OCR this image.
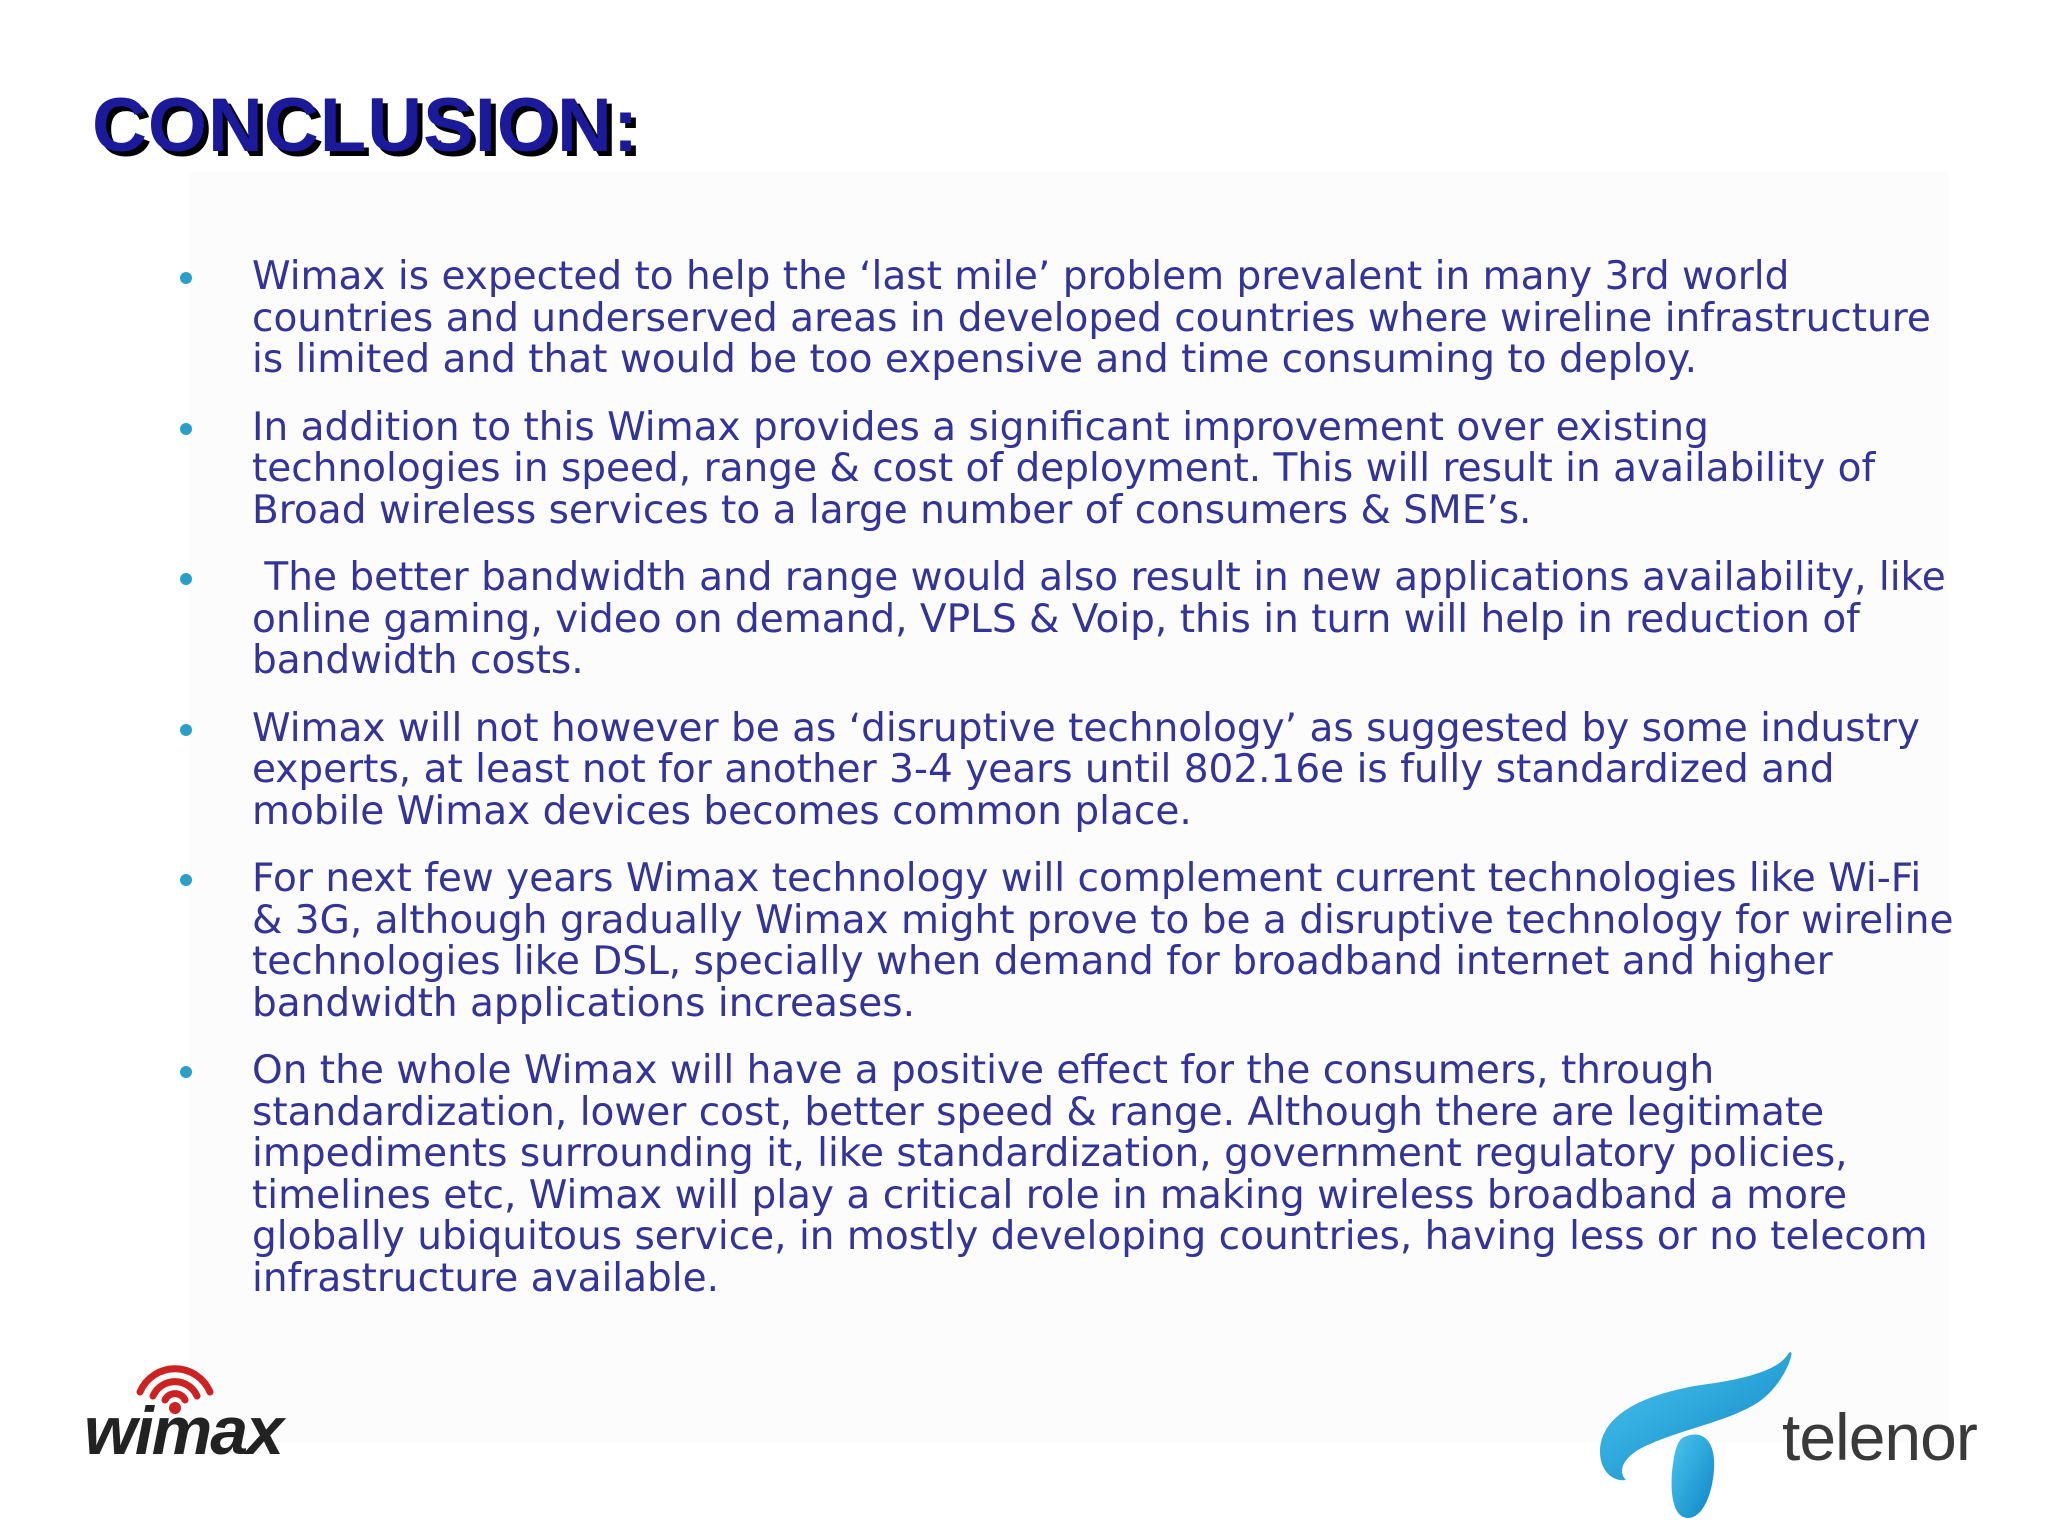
CONCLUSION:
Wimax is expected to help the ‘last mile’ problem prevalent in many 3rd world countries and underserved areas in developed countries where wireline infrastructure is limited and that would be too expensive and time consuming to deploy.
In addition to this Wimax provides a significant improvement over existing technologies in speed, range & cost of deployment. This will result in availability of Broad wireless services to a large number of consumers & SME’s.
The better bandwidth and range would also result in new applications availability, like online gaming, video on demand, VPLS & Voip, this in turn will help in reduction of bandwidth costs.
Wimax will not however be as ‘disruptive technology’ as suggested by some industry experts, at least not for another 3-4 years until 802.16e is fully standardized and mobile Wimax devices becomes common place.
For next few years Wimax technology will complement current technologies like Wi-Fi & 3G, although gradually Wimax might prove to be a disruptive technology for wireline technologies like DSL, specially when demand for broadband internet and higher bandwidth applications increases.
On the whole Wimax will have a positive effect for the consumers, through standardization, lower cost, better speed & range. Although there are legitimate impediments surrounding it, like standardization, government regulatory policies, timelines etc, Wimax will play a critical role in making wireless broadband a more globally ubiquitous service, in mostly developing countries, having less or no telecom infrastructure available.
wimax	telenor
